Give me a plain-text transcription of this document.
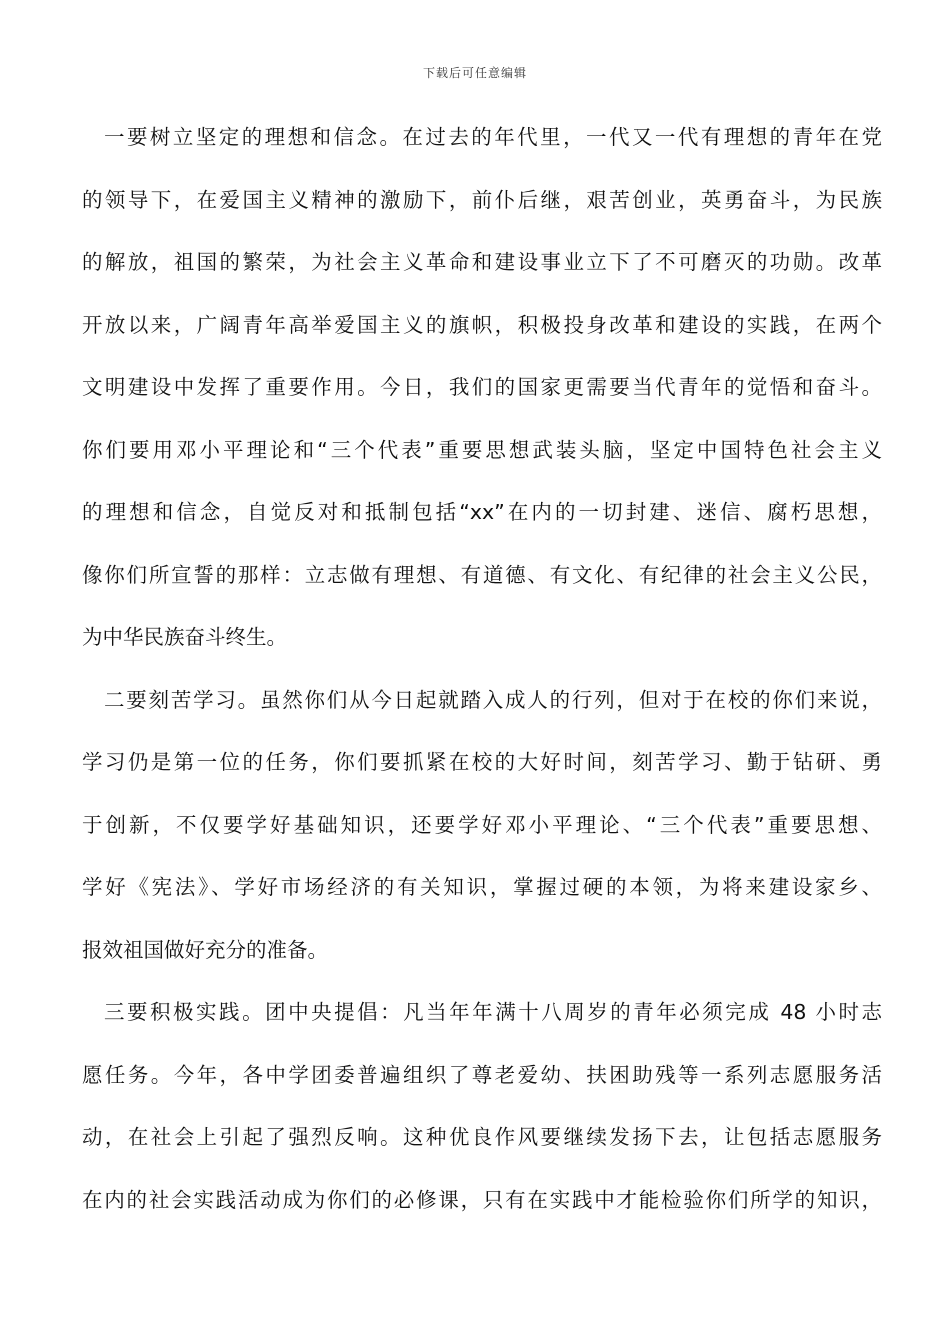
下载后可任意编辑
一要树立坚定的理想和信念。在过去的年代里，一代又一代有理想的青年在党
的领导下，在爱国主义精神的激励下，前仆后继，艰苦创业，英勇奋斗，为民族
的解放，祖国的繁荣，为社会主义革命和建设事业立下了不可磨灭的功勋。改革
开放以来，广阔青年高举爱国主义的旗帜，积极投身改革和建设的实践，在两个
文明建设中发挥了重要作用。今日，我们的国家更需要当代青年的觉悟和奋斗。
你们要用邓小平理论和“三个代表”重要思想武装头脑，坚定中国特色社会主义
的理想和信念，自觉反对和抵制包括“xx”在内的一切封建、迷信、腐朽思想，
像你们所宣誓的那样：立志做有理想、有道德、有文化、有纪律的社会主义公民，
为中华民族奋斗终生。
二要刻苦学习。虽然你们从今日起就踏入成人的行列，但对于在校的你们来说，
学习仍是第一位的任务，你们要抓紧在校的大好时间，刻苦学习、勤于钻研、勇
于创新，不仅要学好基础知识，还要学好邓小平理论、“三个代表”重要思想、
学好《宪法》、学好市场经济的有关知识，掌握过硬的本领，为将来建设家乡、
报效祖国做好充分的准备。
三要积极实践。团中央提倡：凡当年年满十八周岁的青年必须完成 48 小时志
愿任务。今年，各中学团委普遍组织了尊老爱幼、扶困助残等一系列志愿服务活
动，在社会上引起了强烈反响。这种优良作风要继续发扬下去，让包括志愿服务
在内的社会实践活动成为你们的必修课，只有在实践中才能检验你们所学的知识，
